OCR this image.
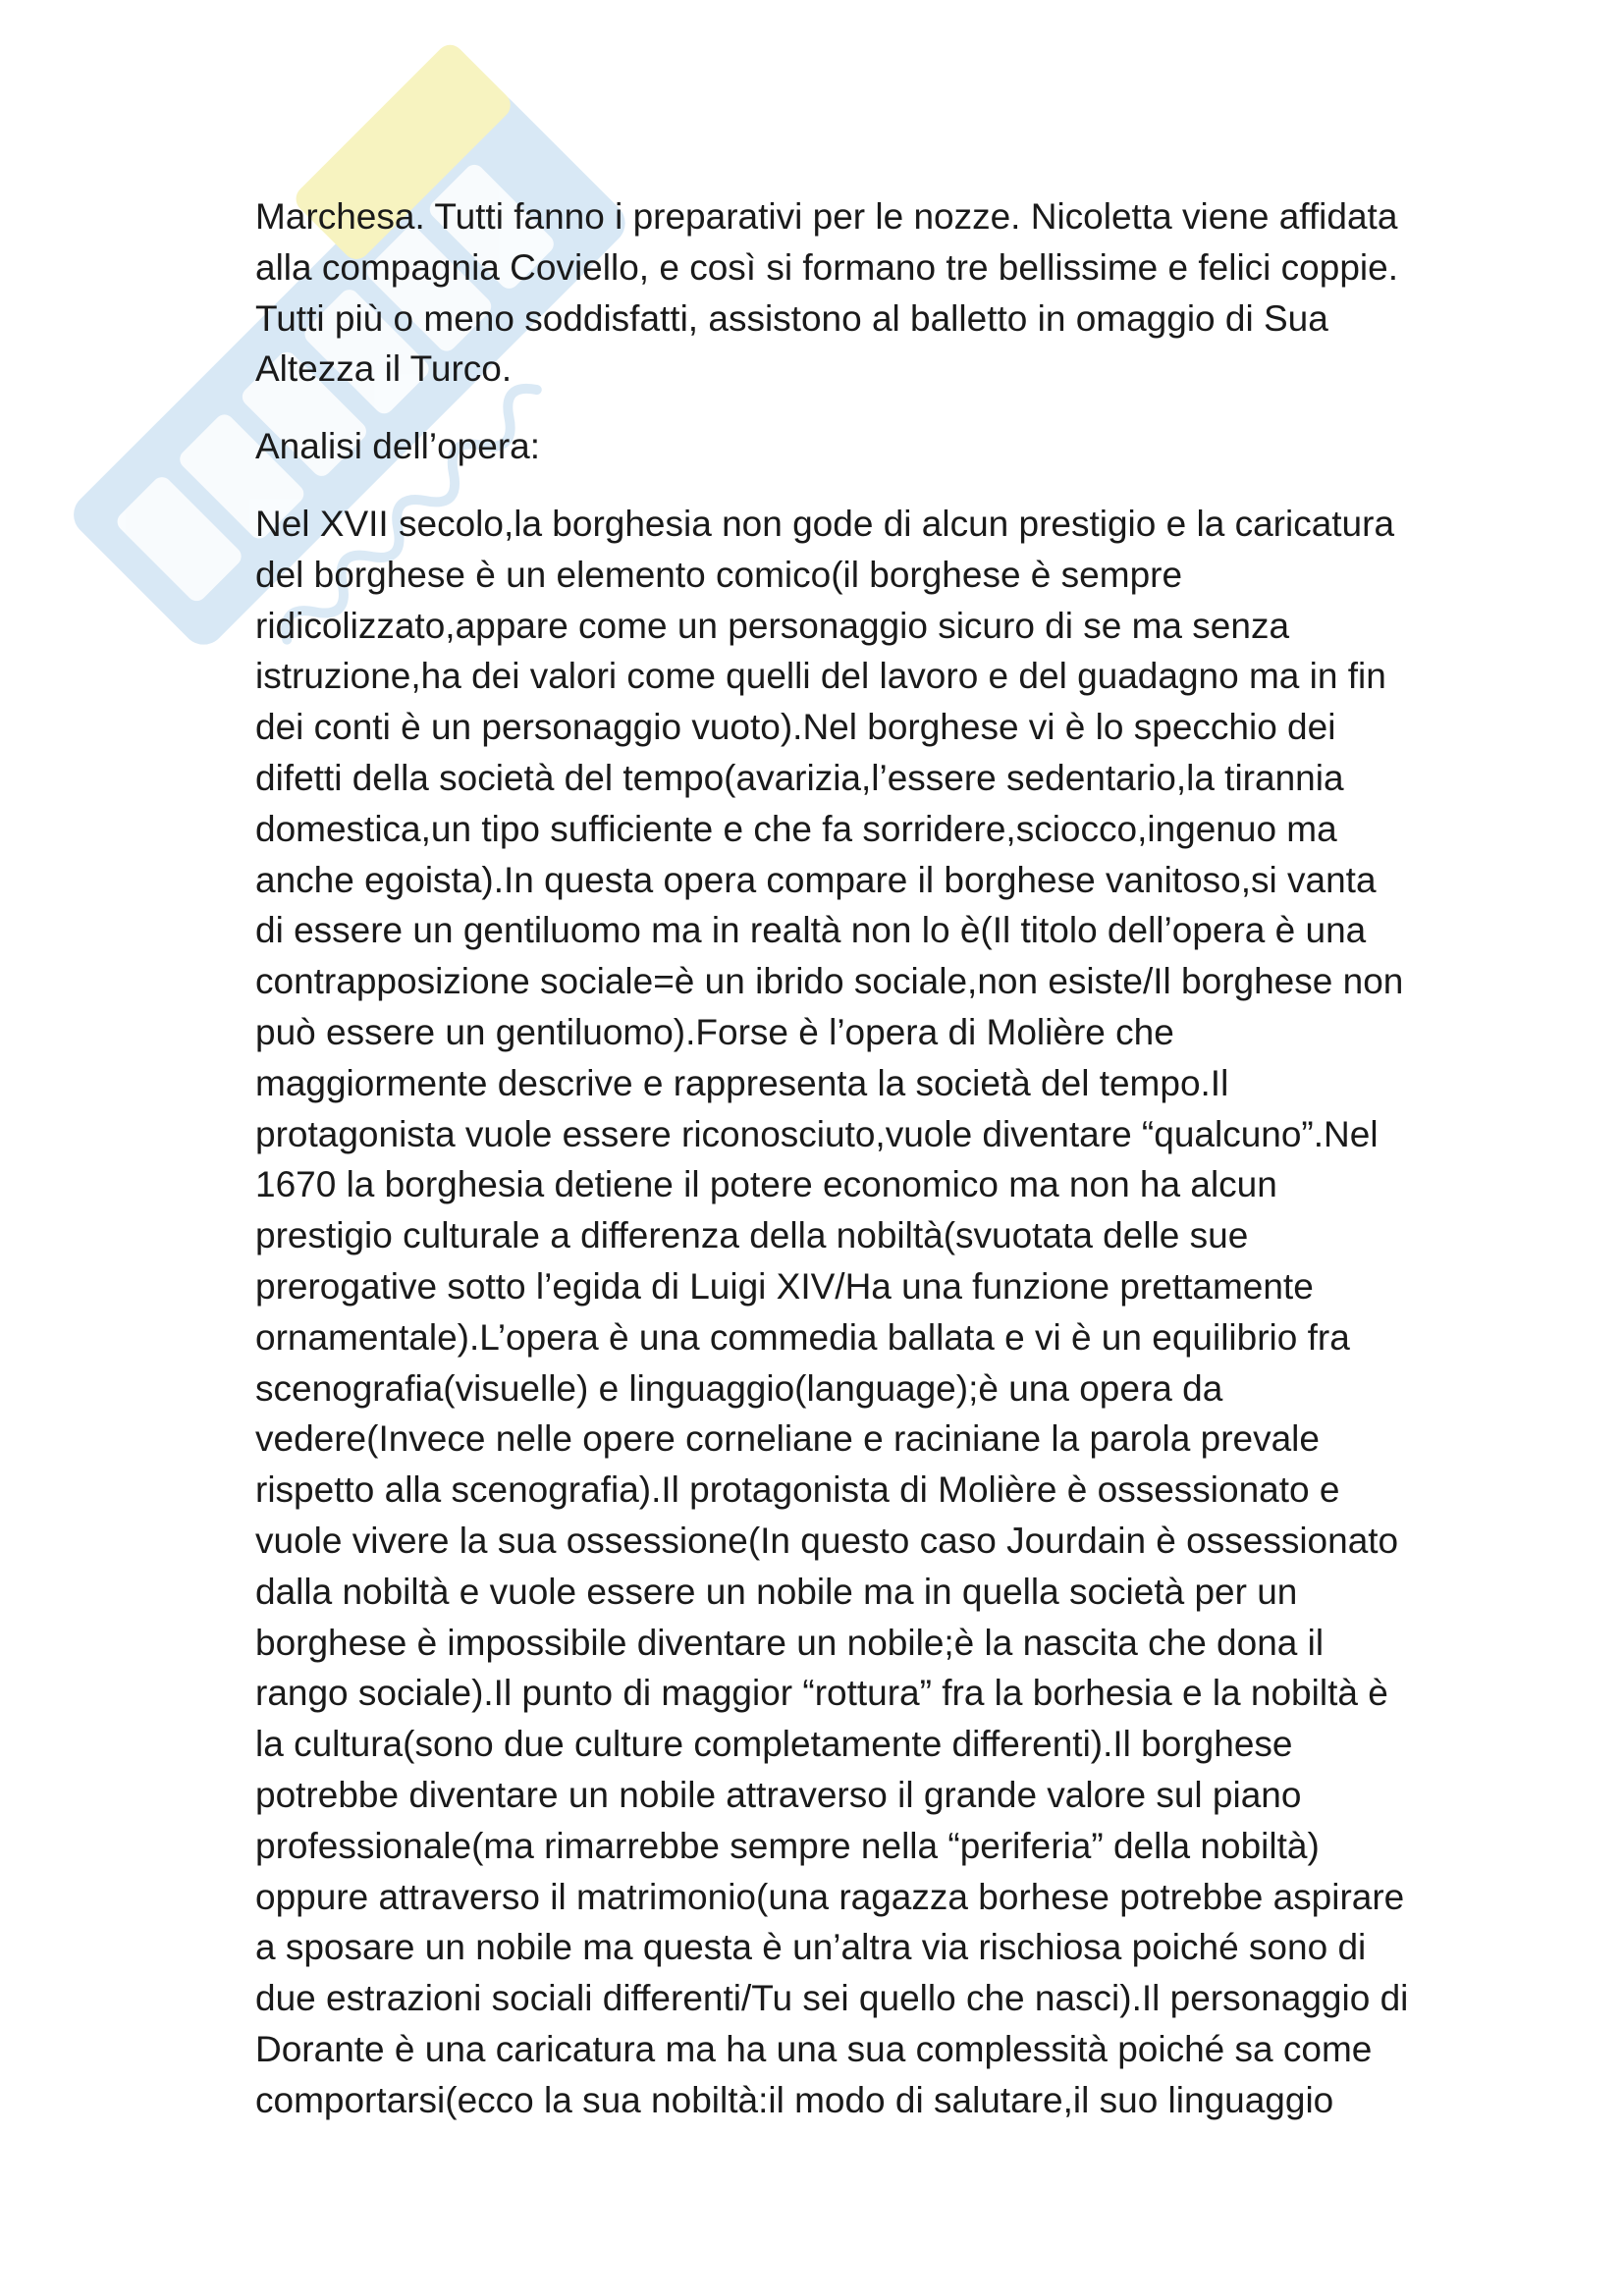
Marchesa. Tutti fanno i preparativi per le nozze. Nicoletta viene affidata
alla compagnia Coviello, e così si formano tre bellissime e felici coppie.
Tutti più o meno soddisfatti, assistono al balletto in omaggio di Sua
Altezza il Turco.
Analisi dell’opera:
Nel XVII secolo,la borghesia non gode di alcun prestigio e la caricatura
del borghese è un elemento comico(il borghese è sempre
ridicolizzato,appare come un personaggio sicuro di se ma senza
istruzione,ha dei valori come quelli del lavoro e del guadagno ma in fin
dei conti è un personaggio vuoto).Nel borghese vi è lo specchio dei
difetti della società del tempo(avarizia,l’essere sedentario,la tirannia
domestica,un tipo sufficiente e che fa sorridere,sciocco,ingenuo ma
anche egoista).In questa opera compare il borghese vanitoso,si vanta
di essere un gentiluomo ma in realtà non lo è(Il titolo dell’opera è una
contrapposizione sociale=è un ibrido sociale,non esiste/Il borghese non
può essere un gentiluomo).Forse è l’opera di Molière che
maggiormente descrive e rappresenta la società del tempo.Il
protagonista vuole essere riconosciuto,vuole diventare “qualcuno”.Nel
1670 la borghesia detiene il potere economico ma non ha alcun
prestigio culturale a differenza della nobiltà(svuotata delle sue
prerogative sotto l’egida di Luigi XIV/Ha una funzione prettamente
ornamentale).L’opera è una commedia ballata e vi è un equilibrio fra
scenografia(visuelle) e linguaggio(language);è una opera da
vedere(Invece nelle opere corneliane e raciniane la parola prevale
rispetto alla scenografia).Il protagonista di Molière è ossessionato e
vuole vivere la sua ossessione(In questo caso Jourdain è ossessionato
dalla nobiltà e vuole essere un nobile ma in quella società per un
borghese è impossibile diventare un nobile;è la nascita che dona il
rango sociale).Il punto di maggior “rottura” fra la borhesia e la nobiltà è
la cultura(sono due culture completamente differenti).Il borghese
potrebbe diventare un nobile attraverso il grande valore sul piano
professionale(ma rimarrebbe sempre nella “periferia” della nobiltà)
oppure attraverso il matrimonio(una ragazza borhese potrebbe aspirare
a sposare un nobile ma questa è un’altra via rischiosa poiché sono di
due estrazioni sociali differenti/Tu sei quello che nasci).Il personaggio di
Dorante è una caricatura ma ha una sua complessità poiché sa come
comportarsi(ecco la sua nobiltà:il modo di salutare,il suo linguaggio
